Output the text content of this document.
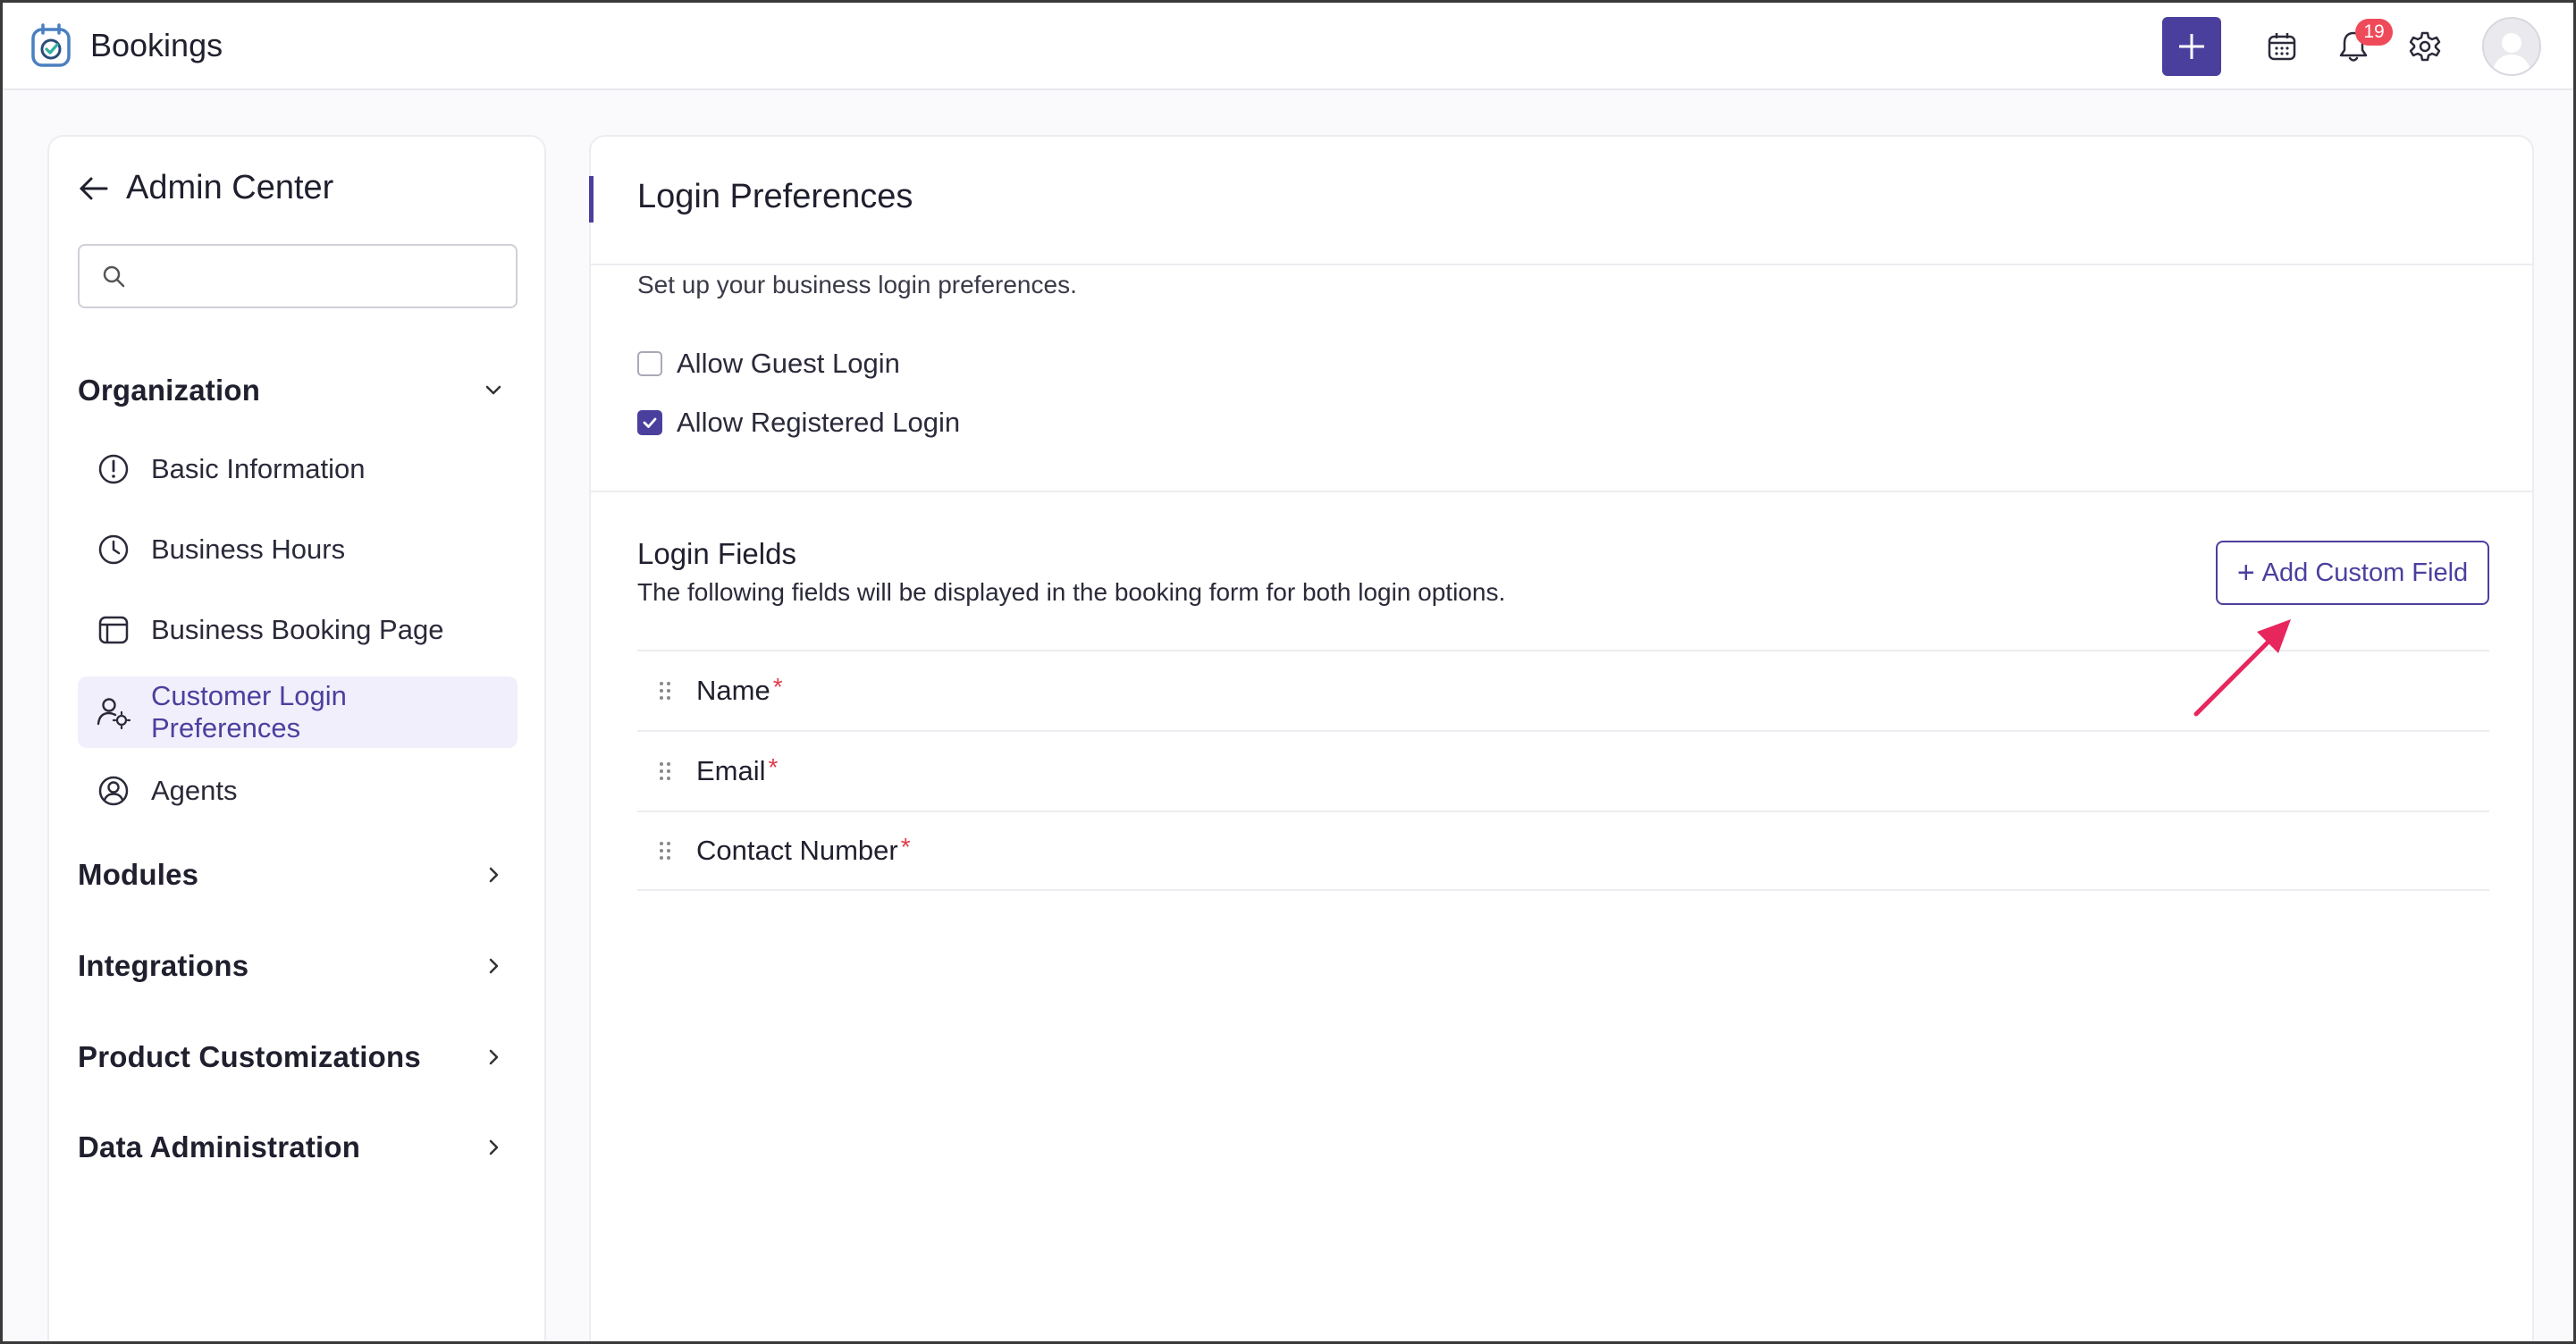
Bookings	19
Admin Center
Organization
Basic Information
Business Hours
Business Booking Page
Customer Login
Preferences
Agents
Modules
Integrations
Product Customizations
Data Administration
Login Preferences
Set up your business login preferences.
Allow Guest Login
Allow Registered Login
Login Fields
The following fields will be displayed in the booking form for both login options.
+ Add Custom Field
Name *
Email *
Contact Number *
